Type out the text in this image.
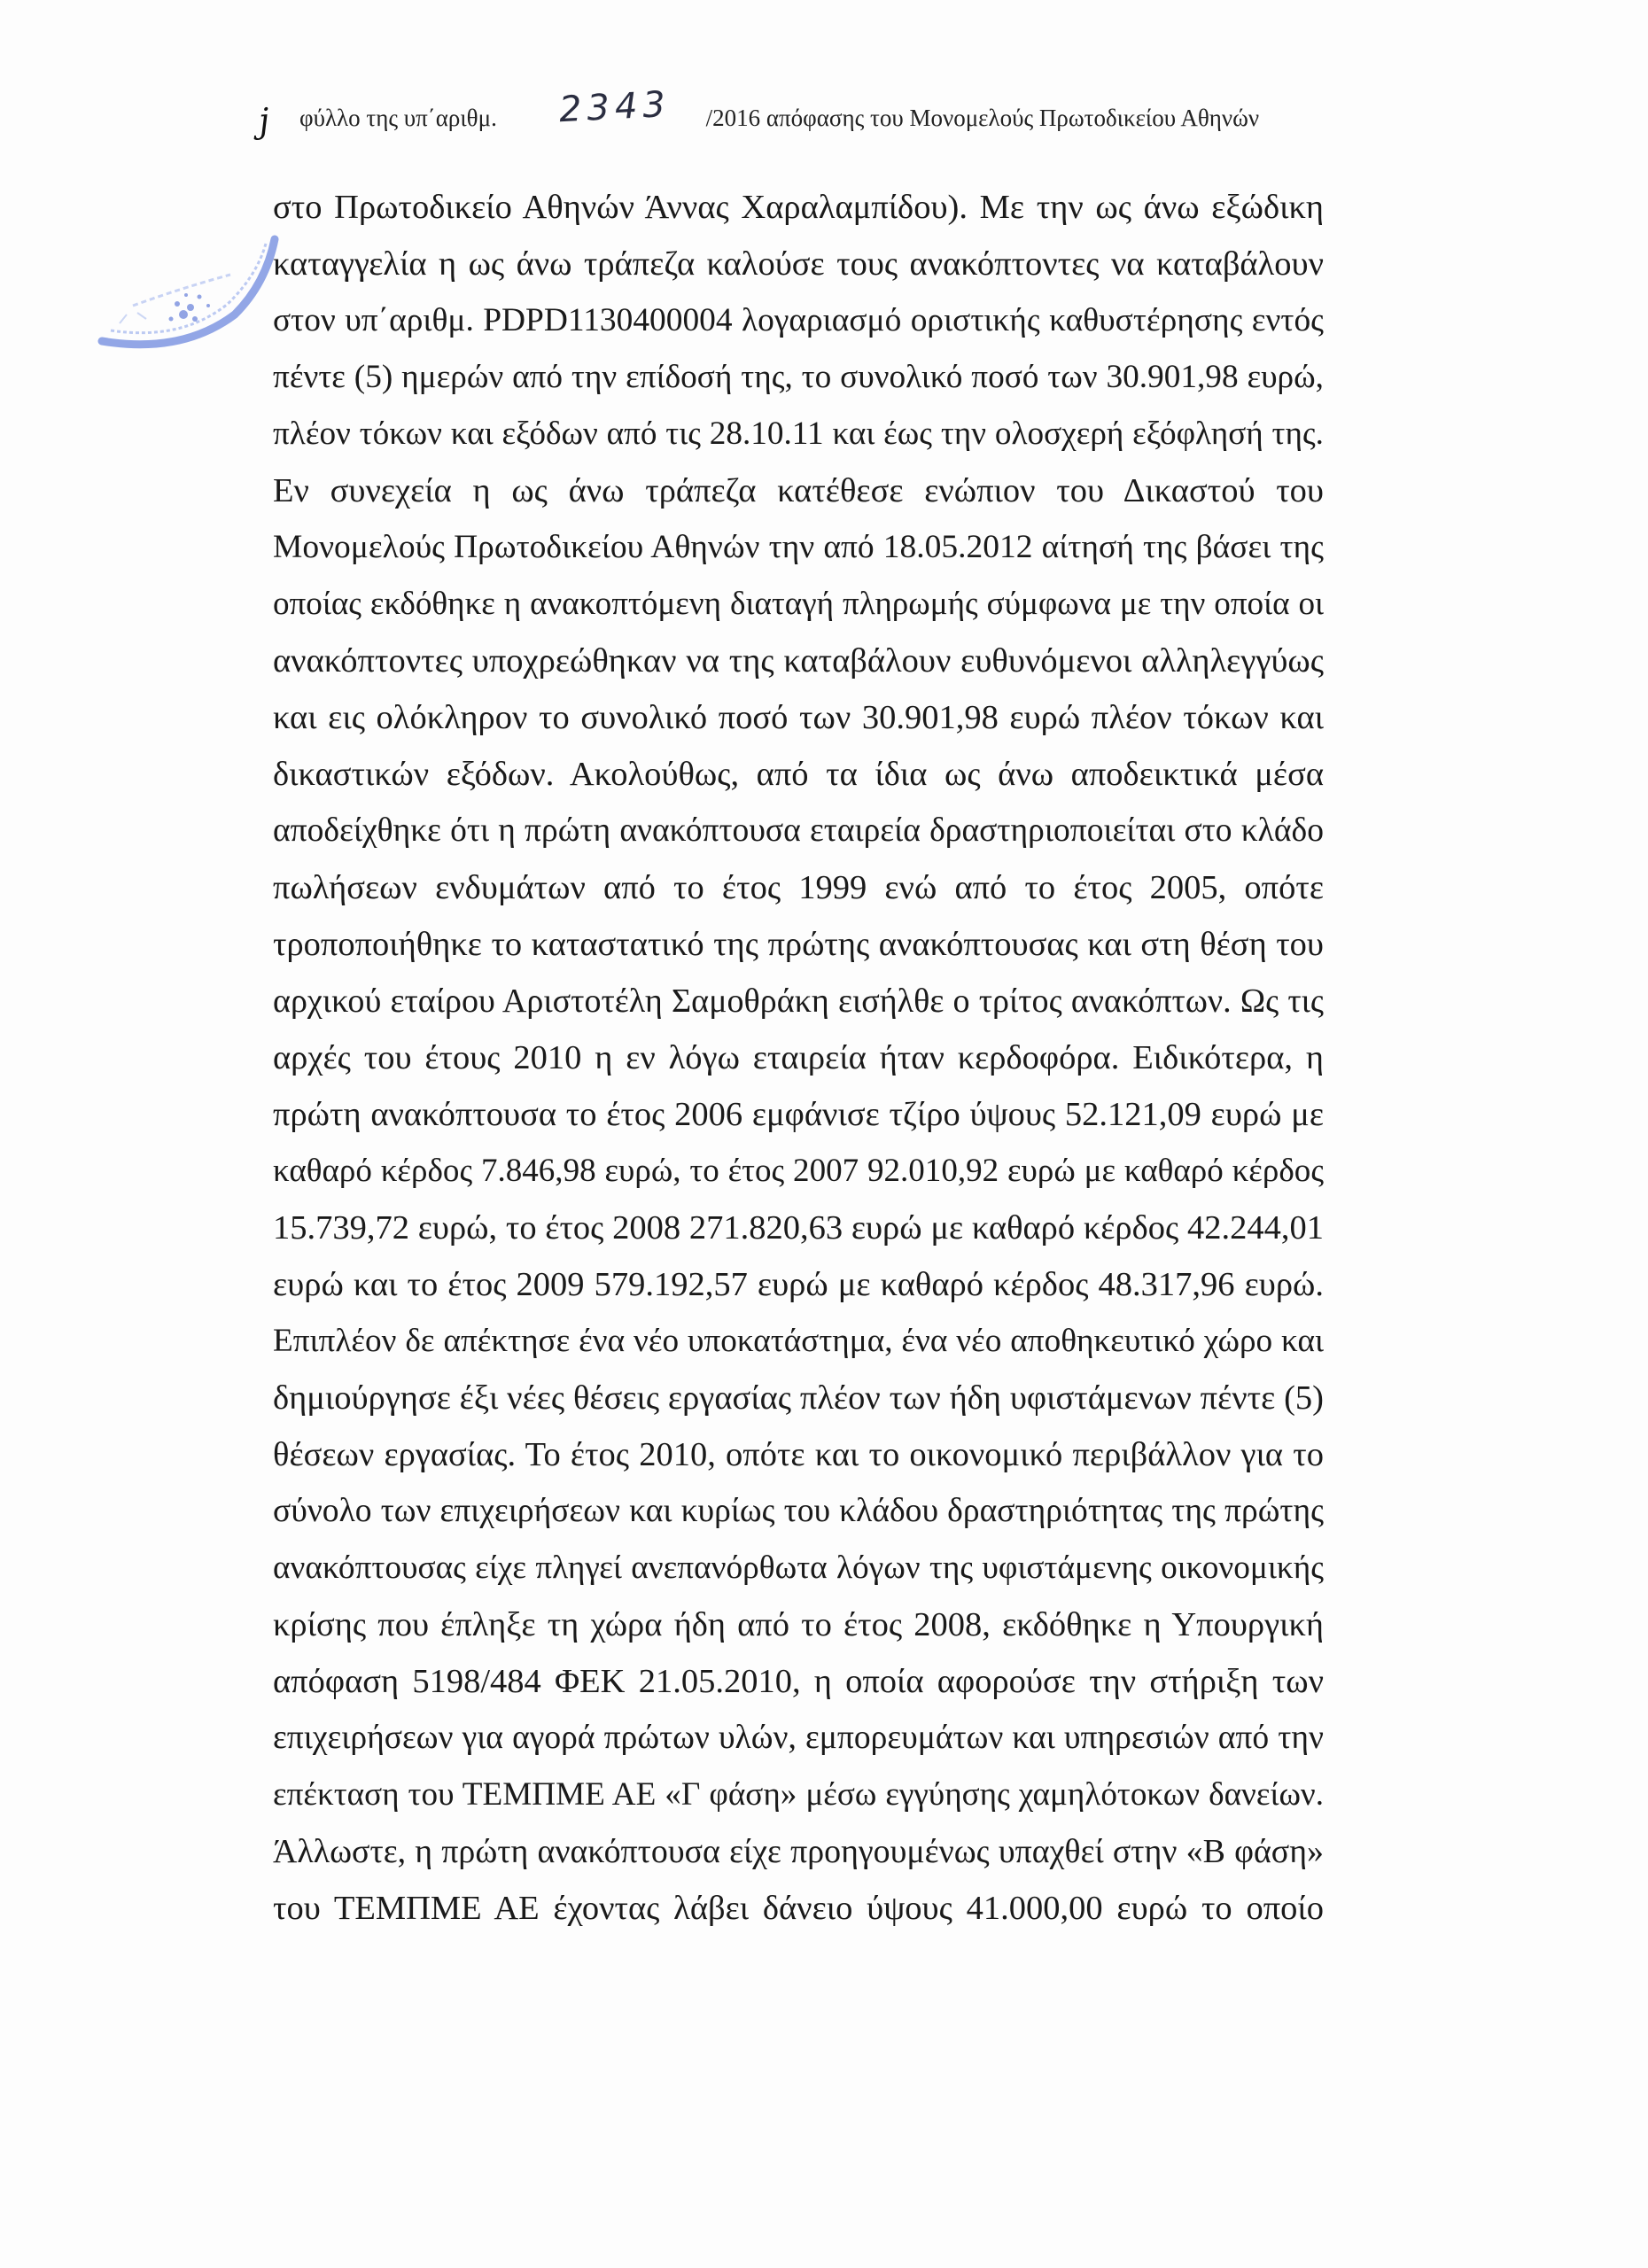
ϳ φύλλο της υπ΄αριθμ. 2343 /2016 απόφασης του Μονομελούς Πρωτοδικείου Αθηνών
στο Πρωτοδικείο Αθηνών Άννας Χαραλαμπίδου). Με την ως άνω εξώδικη
καταγγελία η ως άνω τράπεζα καλούσε τους ανακόπτοντες να καταβάλουν
στον υπ΄αριθμ. PDPD1130400004 λογαριασμό οριστικής καθυστέρησης εντός
πέντε (5) ημερών από την επίδοσή της, το συνολικό ποσό των 30.901,98 ευρώ,
πλέον τόκων και εξόδων από τις 28.10.11 και έως την ολοσχερή εξόφλησή της.
Εν συνεχεία η ως άνω τράπεζα κατέθεσε ενώπιον του Δικαστού του
Μονομελούς Πρωτοδικείου Αθηνών την από 18.05.2012 αίτησή της βάσει της
οποίας εκδόθηκε η ανακοπτόμενη διαταγή πληρωμής σύμφωνα με την οποία οι
ανακόπτοντες υποχρεώθηκαν να της καταβάλουν ευθυνόμενοι αλληλεγγύως
και εις ολόκληρον το συνολικό ποσό των 30.901,98 ευρώ πλέον τόκων και
δικαστικών εξόδων. Ακολούθως, από τα ίδια ως άνω αποδεικτικά μέσα
αποδείχθηκε ότι η πρώτη ανακόπτουσα εταιρεία δραστηριοποιείται στο κλάδο
πωλήσεων ενδυμάτων από το έτος 1999 ενώ από το έτος 2005, οπότε
τροποποιήθηκε το καταστατικό της πρώτης ανακόπτουσας και στη θέση του
αρχικού εταίρου Αριστοτέλη Σαμοθράκη εισήλθε ο τρίτος ανακόπτων. Ως τις
αρχές του έτους 2010 η εν λόγω εταιρεία ήταν κερδοφόρα. Ειδικότερα, η
πρώτη ανακόπτουσα το έτος 2006 εμφάνισε τζίρο ύψους 52.121,09 ευρώ με
καθαρό κέρδος 7.846,98 ευρώ, το έτος 2007 92.010,92 ευρώ με καθαρό κέρδος
15.739,72 ευρώ, το έτος 2008 271.820,63 ευρώ με καθαρό κέρδος 42.244,01
ευρώ και το έτος 2009 579.192,57 ευρώ με καθαρό κέρδος 48.317,96 ευρώ.
Επιπλέον δε απέκτησε ένα νέο υποκατάστημα, ένα νέο αποθηκευτικό χώρο και
δημιούργησε έξι νέες θέσεις εργασίας πλέον των ήδη υφιστάμενων πέντε (5)
θέσεων εργασίας. Το έτος 2010, οπότε και το οικονομικό περιβάλλον για το
σύνολο των επιχειρήσεων και κυρίως του κλάδου δραστηριότητας της πρώτης
ανακόπτουσας είχε πληγεί ανεπανόρθωτα λόγων της υφιστάμενης οικονομικής
κρίσης που έπληξε τη χώρα ήδη από το έτος 2008, εκδόθηκε η Υπουργική
απόφαση 5198/484 ΦΕΚ 21.05.2010, η οποία αφορούσε την στήριξη των
επιχειρήσεων για αγορά πρώτων υλών, εμπορευμάτων και υπηρεσιών από την
επέκταση του ΤΕΜΠΜΕ ΑΕ «Γ φάση» μέσω εγγύησης χαμηλότοκων δανείων.
Άλλωστε, η πρώτη ανακόπτουσα είχε προηγουμένως υπαχθεί στην «Β φάση»
του ΤΕΜΠΜΕ ΑΕ έχοντας λάβει δάνειο ύψους 41.000,00 ευρώ το οποίο
